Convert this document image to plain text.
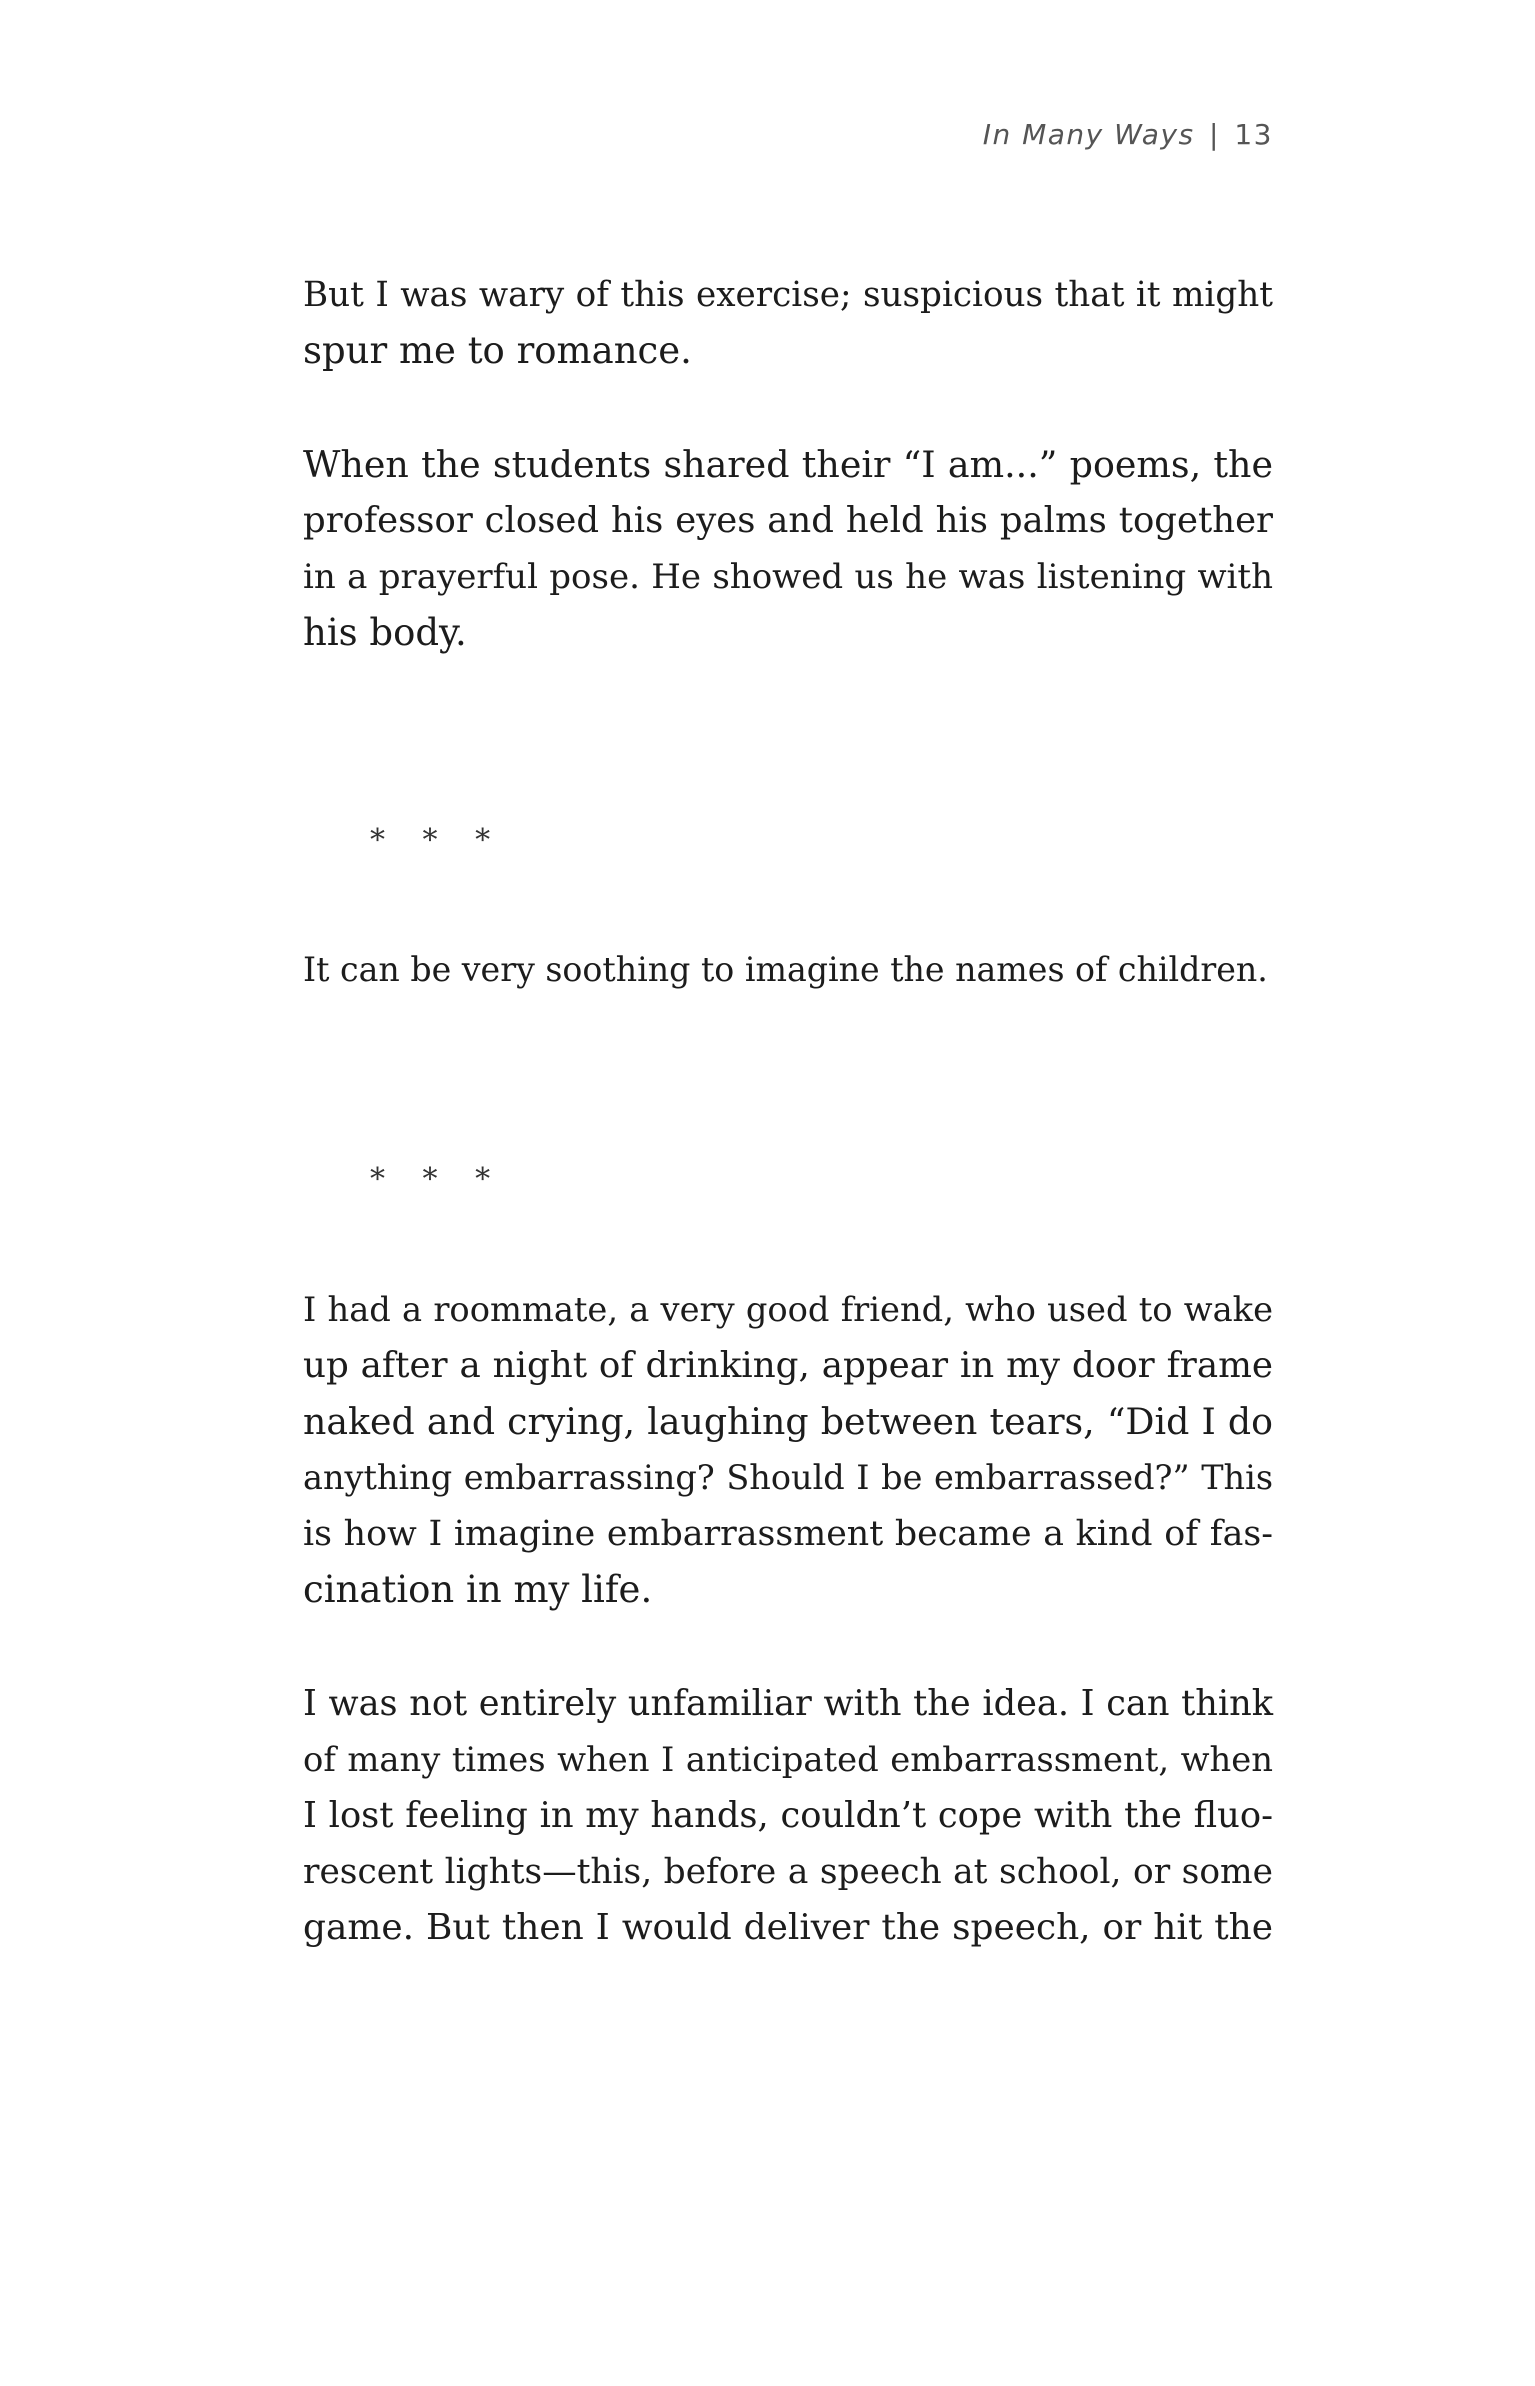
In Many Ways | 13
But I was wary of this exercise; suspicious that it might
spur me to romance.
When the students shared their “I am...” poems, the
professor closed his eyes and held his palms together
in a prayerful pose. He showed us he was listening with
his body.
* * *
It can be very soothing to imagine the names of children.
* * *
I had a roommate, a very good friend, who used to wake
up after a night of drinking, appear in my door frame
naked and crying, laughing between tears, “Did I do
anything embarrassing? Should I be embarrassed?” This
is how I imagine embarrassment became a kind of fas-
cination in my life.
I was not entirely unfamiliar with the idea. I can think
of many times when I anticipated embarrassment, when
I lost feeling in my hands, couldn’t cope with the fluo-
rescent lights—this, before a speech at school, or some
game. But then I would deliver the speech, or hit the
